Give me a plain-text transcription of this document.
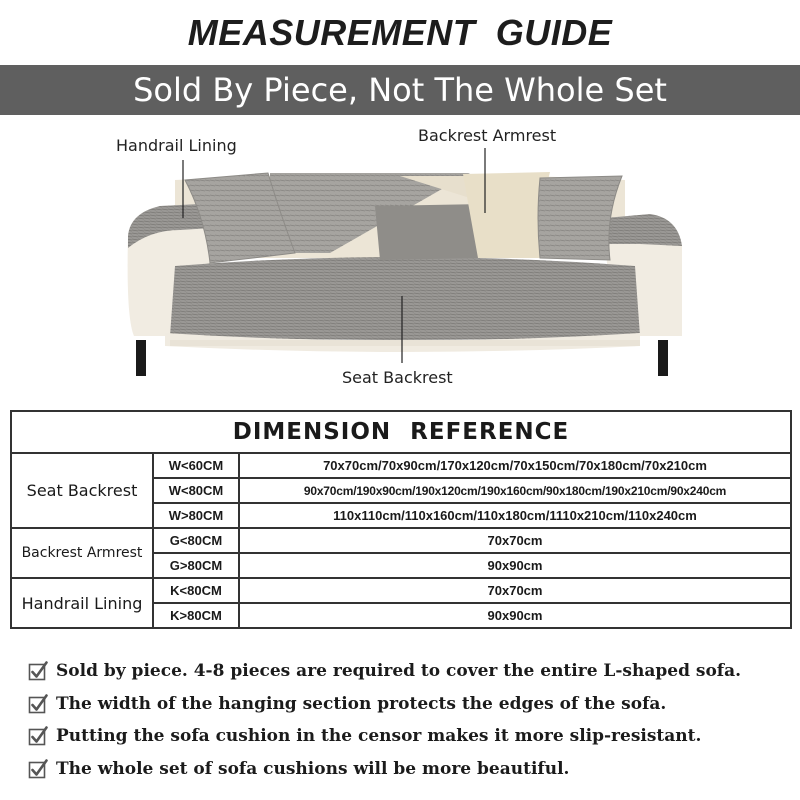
MEASUREMENT GUIDE
Sold By Piece, Not The Whole Set
Handrail Lining
Backrest Armrest
Seat Backrest
DIMENSION REFERENCE		
Seat Backrest	W<60CM	70x70cm/70x90cm/170x120cm/70x150cm/70x180cm/70x210cm
	W<80CM	90x70cm/190x90cm/190x120cm/190x160cm/90x180cm/190x210cm/90x240cm
	W>80CM	110x110cm/110x160cm/110x180cm/1110x210cm/110x240cm
Backrest Armrest	G<80CM	70x70cm
	G>80CM	90x90cm
Handrail Lining	K<80CM	70x70cm
	K>80CM	90x90cm
Sold by piece. 4-8 pieces are required to cover the entire L-shaped sofa.
The width of the hanging section protects the edges of the sofa.
Putting the sofa cushion in the censor makes it more slip-resistant.
The whole set of sofa cushions will be more beautiful.
